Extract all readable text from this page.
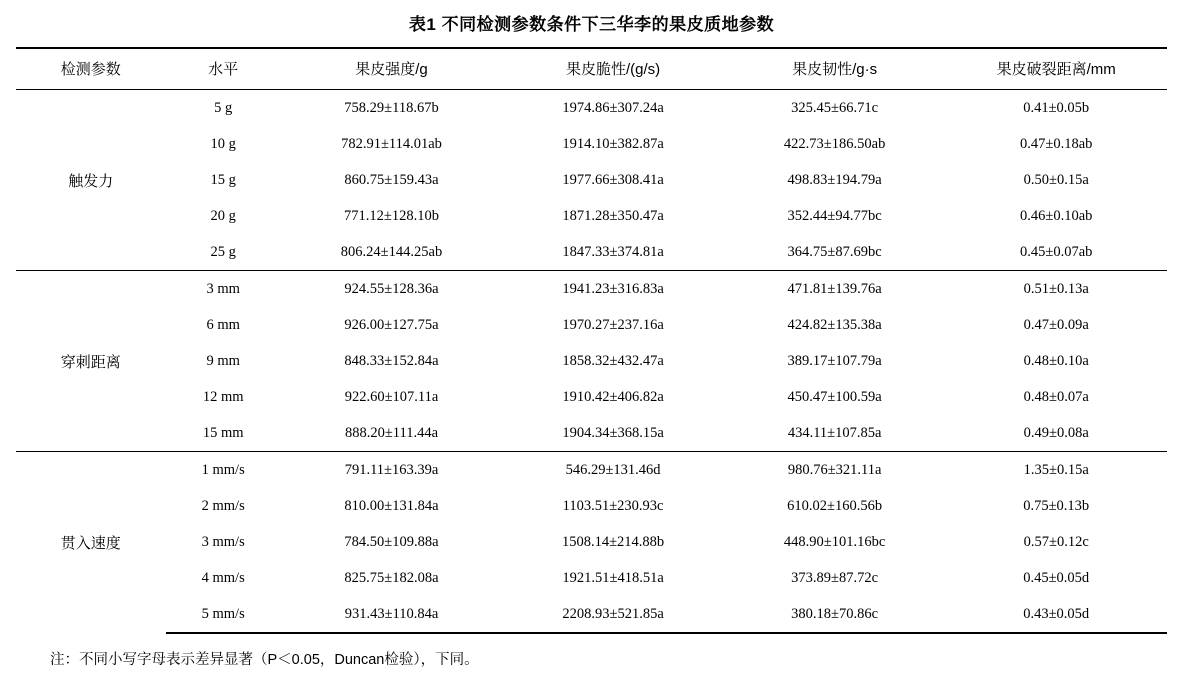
表1 不同检测参数条件下三华李的果皮质地参数
检测参数	水平	果皮强度/g	果皮脆性/(g/s)	果皮韧性/g·s	果皮破裂距离/mm
触发力	5 g	758.29±118.67b	1974.86±307.24a	325.45±66.71c	0.41±0.05b
	10 g	782.91±114.01ab	1914.10±382.87a	422.73±186.50ab	0.47±0.18ab
	15 g	860.75±159.43a	1977.66±308.41a	498.83±194.79a	0.50±0.15a
	20 g	771.12±128.10b	1871.28±350.47a	352.44±94.77bc	0.46±0.10ab
	25 g	806.24±144.25ab	1847.33±374.81a	364.75±87.69bc	0.45±0.07ab
穿刺距离	3 mm	924.55±128.36a	1941.23±316.83a	471.81±139.76a	0.51±0.13a
	6 mm	926.00±127.75a	1970.27±237.16a	424.82±135.38a	0.47±0.09a
	9 mm	848.33±152.84a	1858.32±432.47a	389.17±107.79a	0.48±0.10a
	12 mm	922.60±107.11a	1910.42±406.82a	450.47±100.59a	0.48±0.07a
	15 mm	888.20±111.44a	1904.34±368.15a	434.11±107.85a	0.49±0.08a
贯入速度	1 mm/s	791.11±163.39a	546.29±131.46d	980.76±321.11a	1.35±0.15a
	2 mm/s	810.00±131.84a	1103.51±230.93c	610.02±160.56b	0.75±0.13b
	3 mm/s	784.50±109.88a	1508.14±214.88b	448.90±101.16bc	0.57±0.12c
	4 mm/s	825.75±182.08a	1921.51±418.51a	373.89±87.72c	0.45±0.05d
	5 mm/s	931.43±110.84a	2208.93±521.85a	380.18±70.86c	0.43±0.05d
注：不同小写字母表示差异显著（P＜0.05，Duncan检验），下同。
